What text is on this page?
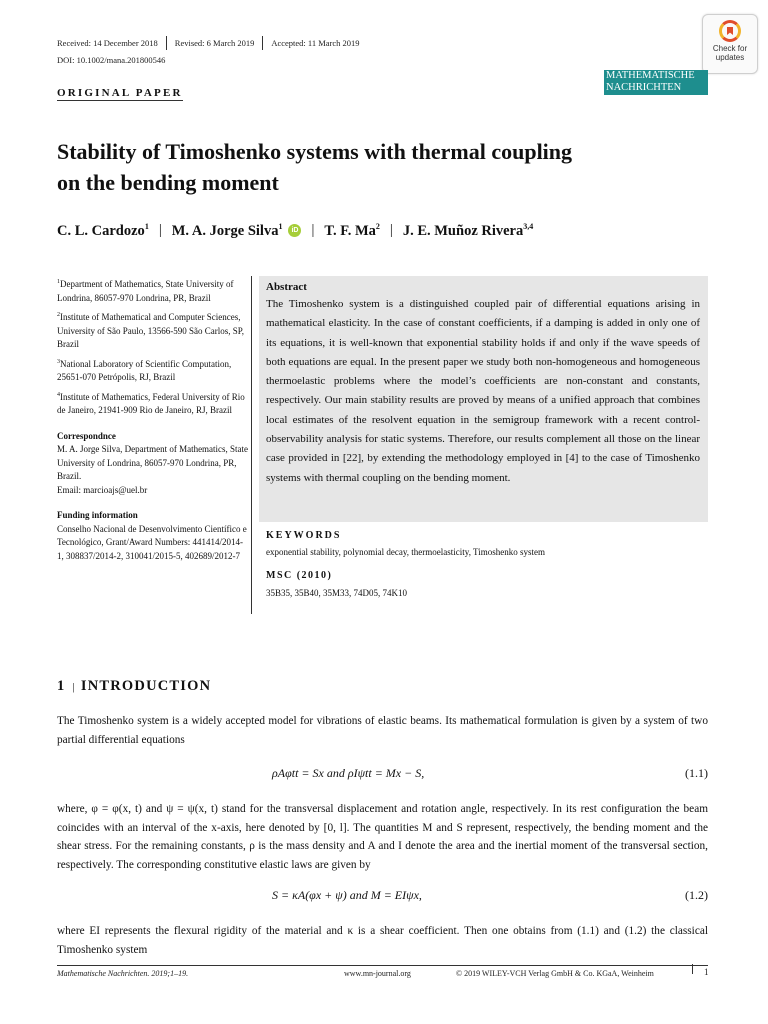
Received: 14 December 2018	Revised: 6 March 2019	Accepted: 11 March 2019
DOI: 10.1002/mana.201800546
ORIGINAL PAPER
Check for
updates
MATHEMATISCHE
NACHRICHTEN
Stability of Timoshenko systems with thermal coupling
on the bending moment
C. L. Cardozo$^1$ | M. A. Jorge Silva$^1$	iD | T. F. Ma$^2$ | J. E. Muñoz Rivera$^{3,4}$
$^1$Department of Mathematics, State University of Londrina, 86057-970 Londrina, PR, Brazil
$^2$Institute of Mathematical and Computer Sciences, University of São Paulo, 13566-590 São Carlos, SP, Brazil
$^3$National Laboratory of Scientific Computation, 25651-070 Petrópolis, RJ, Brazil
$^4$Institute of Mathematics, Federal University of Rio de Janeiro, 21941-909 Rio de Janeiro, RJ, Brazil
Correspondnce
M. A. Jorge Silva, Department of Mathematics, State University of Londrina, 86057-970 Londrina, PR, Brazil.
Email: marcioajs@uel.br
Funding information
Conselho Nacional de Desenvolvimento Científico e Tecnológico, Grant/Award Numbers: 441414/2014-1, 308837/2014-2, 310041/2015-5, 402689/2012-7
Abstract
The Timoshenko system is a distinguished coupled pair of differential equations arising in mathematical elasticity. In the case of constant coefficients, if a damping is added in only one of its equations, it is well-known that exponential stability holds if and only if the wave speeds of both equations are equal. In the present paper we study both non-homogeneous and homogeneous thermoelastic problems where the model’s coefficients are non-constant and constants, respectively. Our main stability results are proved by means of a unified approach that combines local estimates of the resolvent equation in the semigroup framework with a recent control-observability analysis for static systems. Therefore, our results complement all those on the linear case provided in [22], by extending the methodology employed in [4] to the case of Timoshenko systems with thermal coupling on the bending moment.
KEYWORDS
exponential stability, polynomial decay, thermoelasticity, Timoshenko system
MSC (2010)
35B35, 35B40, 35M33, 74D05, 74K10
1 | INTRODUCTION
The Timoshenko system is a widely accepted model for vibrations of elastic beams. Its mathematical formulation is given by a system of two partial differential equations
ρAφtt = Sx and ρIψtt = Mx − S,	(1.1)
where, φ = φ(x, t) and ψ = ψ(x, t) stand for the transversal displacement and rotation angle, respectively. In its rest configuration the beam coincides with an interval of the x-axis, here denoted by [0, l]. The quantities M and S represent, respectively, the bending moment and the shear stress. For the remaining constants, ρ is the mass density and A and I denote the area and the inertial moment of the transversal section, respectively. The corresponding constitutive elastic laws are given by
S = κA(φx + ψ) and M = EIψx,	(1.2)
where EI represents the flexural rigidity of the material and κ is a shear coefficient. Then one obtains from (1.1) and (1.2) the classical Timoshenko system
Mathematische Nachrichten. 2019;1–19.	www.mn-journal.org	© 2019 WILEY-VCH Verlag GmbH & Co. KGaA, Weinheim	1
